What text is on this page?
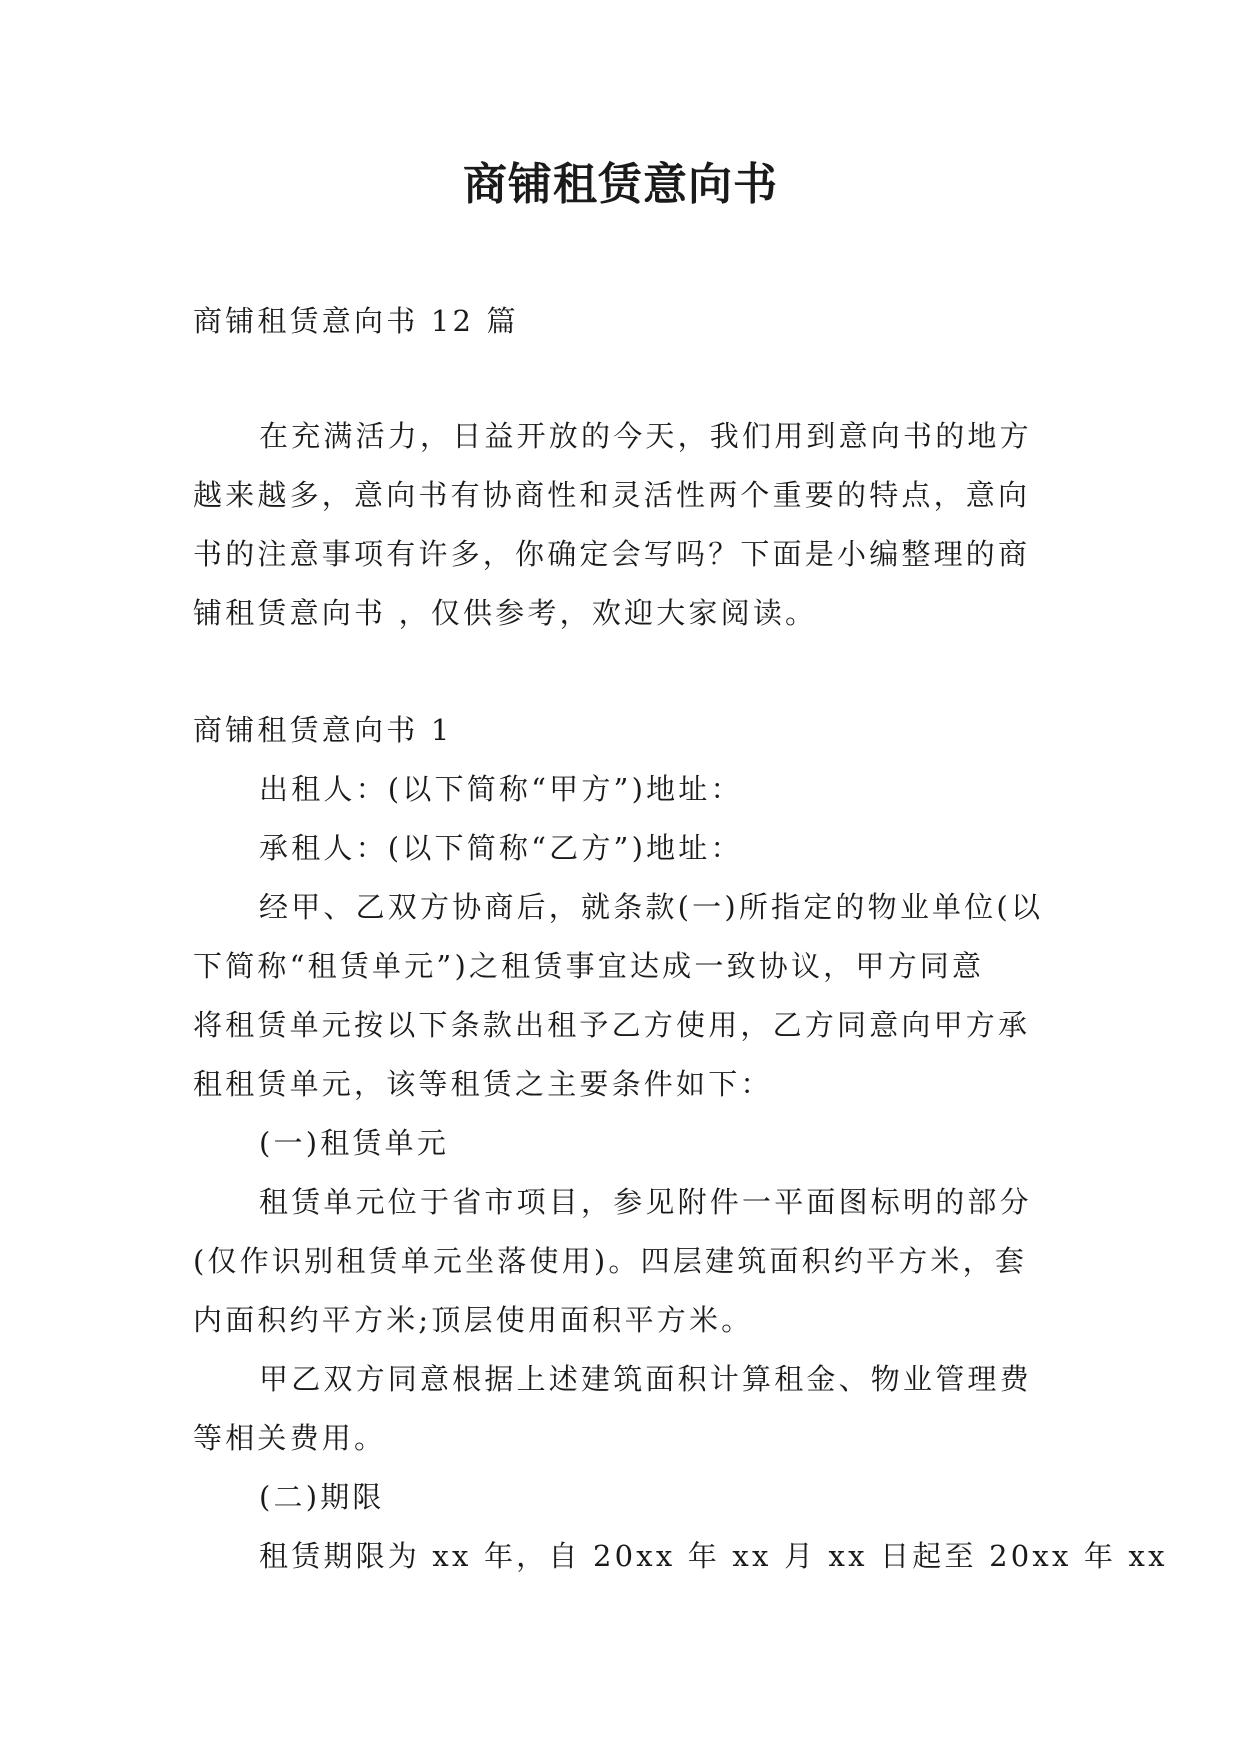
商铺租赁意向书

商铺租赁意向书 12 篇

在充满活力，日益开放的今天，我们用到意向书的地方

越来越多，意向书有协商性和灵活性两个重要的特点，意向

书的注意事项有许多，你确定会写吗？下面是小编整理的商

铺租赁意向书 ，仅供参考，欢迎大家阅读。

商铺租赁意向书 1

出租人：(以下简称“甲方”)地址：

承租人：(以下简称“乙方”)地址：

经甲、乙双方协商后，就条款(一)所指定的物业单位(以

下简称“租赁单元”)之租赁事宜达成一致协议，甲方同意

将租赁单元按以下条款出租予乙方使用，乙方同意向甲方承

租租赁单元，该等租赁之主要条件如下：

(一)租赁单元

租赁单元位于省市项目，参见附件一平面图标明的部分

(仅作识别租赁单元坐落使用)。四层建筑面积约平方米，套

内面积约平方米;顶层使用面积平方米。

甲乙双方同意根据上述建筑面积计算租金、物业管理费

等相关费用。

(二)期限

租赁期限为 xx 年，自 20xx 年 xx 月 xx 日起至 20xx 年 xx
